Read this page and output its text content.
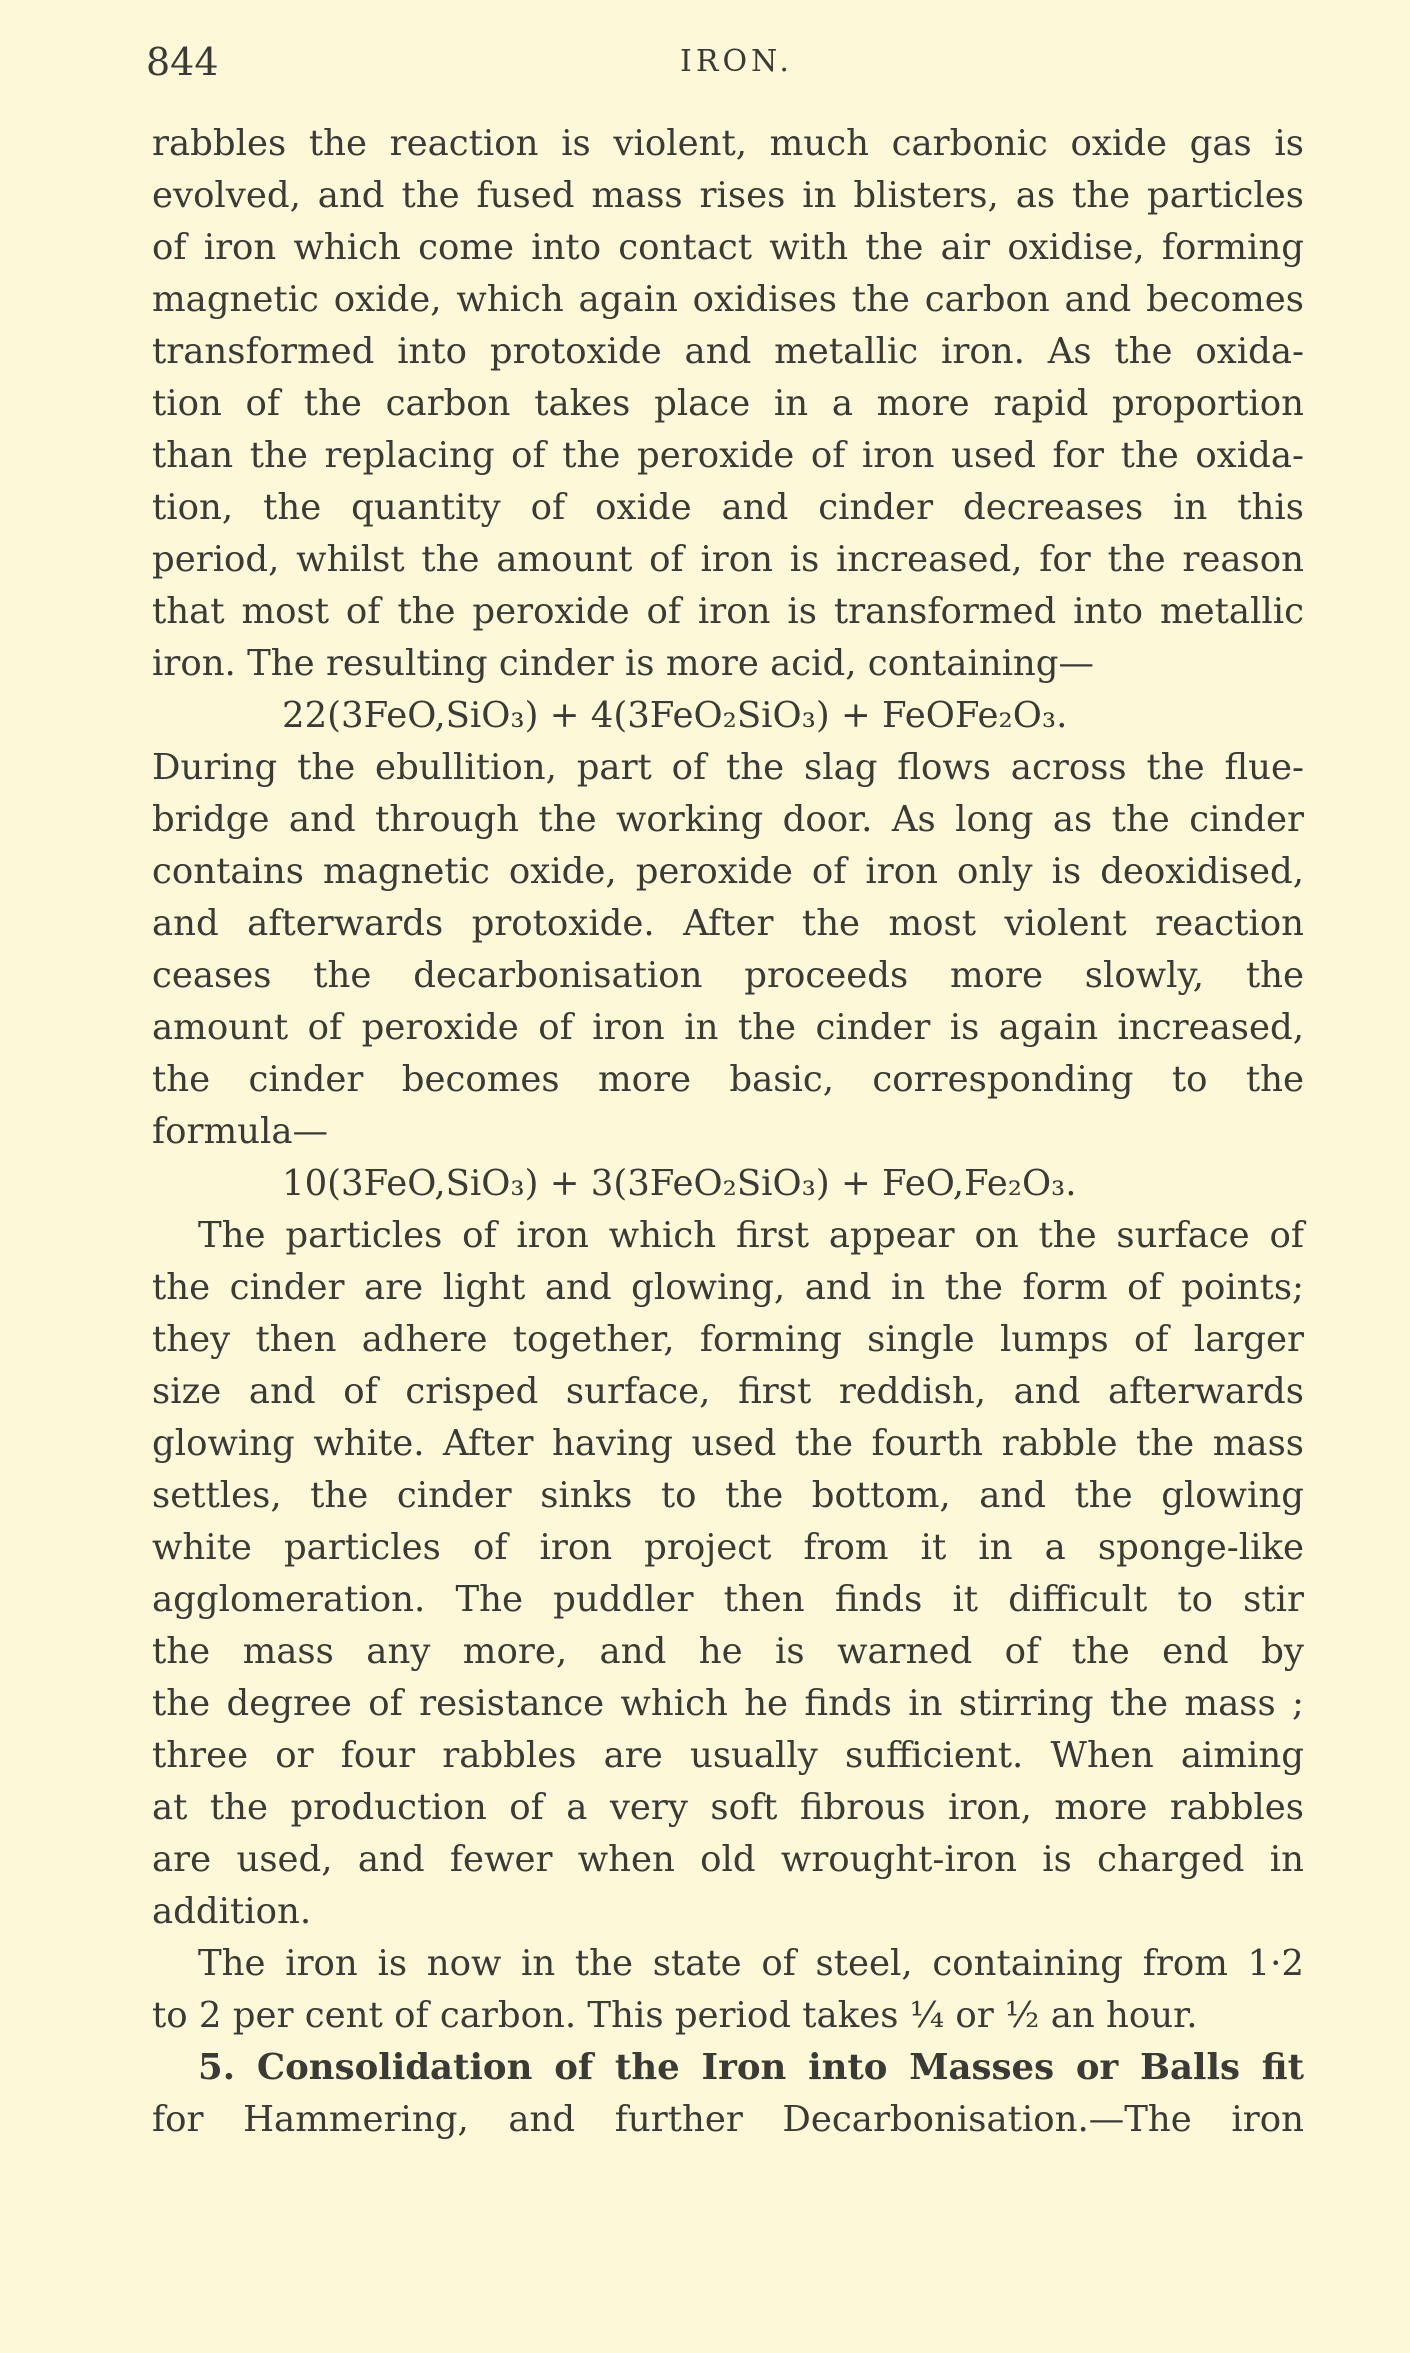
844	IRON.
rabbles the reaction is violent, much carbonic oxide gas is
evolved, and the fused mass rises in blisters, as the particles
of iron which come into contact with the air oxidise, forming
magnetic oxide, which again oxidises the carbon and becomes
transformed into protoxide and metallic iron. As the oxida-
tion of the carbon takes place in a more rapid proportion
than the replacing of the peroxide of iron used for the oxida-
tion, the quantity of oxide and cinder decreases in this
period, whilst the amount of iron is increased, for the reason
that most of the peroxide of iron is transformed into metallic
iron. The resulting cinder is more acid, containing—
22(3FeO,SiO₃) + 4(3FeO₂SiO₃) + FeOFe₂O₃.
During the ebullition, part of the slag flows across the flue-
bridge and through the working door. As long as the cinder
contains magnetic oxide, peroxide of iron only is deoxidised,
and afterwards protoxide. After the most violent reaction
ceases the decarbonisation proceeds more slowly, the
amount of peroxide of iron in the cinder is again increased,
the cinder becomes more basic, corresponding to the
formula—
10(3FeO,SiO₃) + 3(3FeO₂SiO₃) + FeO,Fe₂O₃.
The particles of iron which first appear on the surface of
the cinder are light and glowing, and in the form of points;
they then adhere together, forming single lumps of larger
size and of crisped surface, first reddish, and afterwards
glowing white. After having used the fourth rabble the mass
settles, the cinder sinks to the bottom, and the glowing
white particles of iron project from it in a sponge-like
agglomeration. The puddler then finds it difficult to stir
the mass any more, and he is warned of the end by
the degree of resistance which he finds in stirring the mass ;
three or four rabbles are usually sufficient. When aiming
at the production of a very soft fibrous iron, more rabbles
are used, and fewer when old wrought-iron is charged in
addition.
The iron is now in the state of steel, containing from 1·2
to 2 per cent of carbon. This period takes ¼ or ½ an hour.
5. Consolidation of the Iron into Masses or Balls fit
for Hammering, and further Decarbonisation.—The iron
